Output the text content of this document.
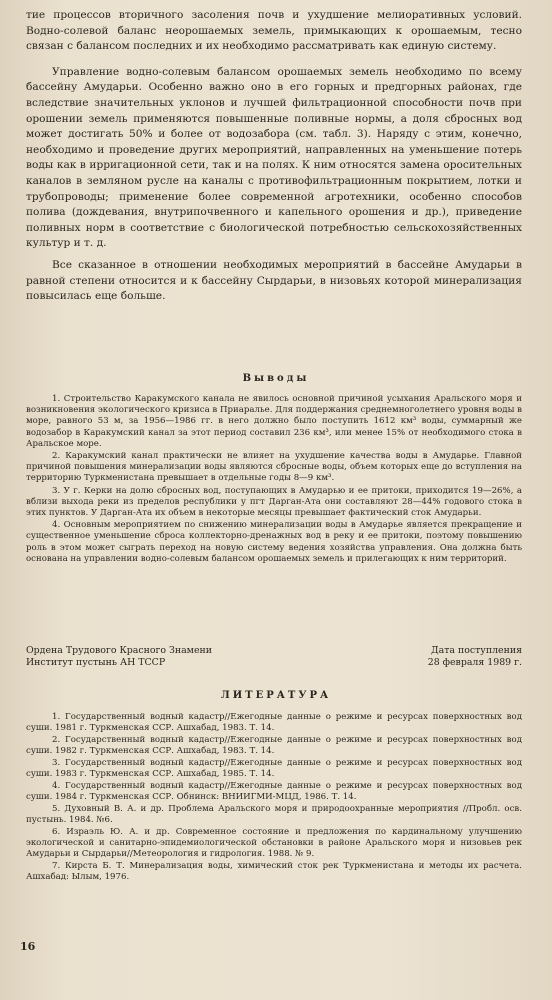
тие процессов вторичного засоления почв и ухудшение мелиоративных условий. Водно-солевой баланс неорошаемых земель, примыкающих к орошаемым, тесно связан с балансом последних и их необходимо рассматривать как единую систему.

Управление водно-солевым балансом орошаемых земель необходимо по всему бассейну Амударьи. Особенно важно оно в его горных и предгорных районах, где вследствие значительных уклонов и лучшей фильтрационной способности почв при орошении земель применяются повышенные поливные нормы, а доля сбросных вод может достигать 50% и более от водозабора (см. табл. 3). Наряду с этим, конечно, необходимо и проведение других мероприятий, направленных на уменьшение потерь воды как в ирригационной сети, так и на полях. К ним относятся замена оросительных каналов в земляном русле на каналы с противофильтрационным покрытием, лотки и трубопроводы; применение более современной агротехники, особенно способов полива (дождевания, внутрипочвенного и капельного орошения и др.), приведение поливных норм в соответствие с биологической потребностью сельскохозяйственных культур и т. д.

Все сказанное в отношении необходимых мероприятий в бассейне Амударьи в равной степени относится и к бассейну Сырдарьи, в низовьях которой минерализация повысилась еще больше.

Выводы

1. Строительство Каракумского канала не явилось основной причиной усыхания Аральского моря и возникновения экологического кризиса в Приаралье. Для поддержания среднемноголетнего уровня воды в море, равного 53 м, за 1956—1986 гг. в него должно было поступить 1612 км³ воды, суммарный же водозабор в Каракумский канал за этот период составил 236 км³, или менее 15% от необходимого стока в Аральское море.

2. Каракумский канал практически не влияет на ухудшение качества воды в Амударье. Главной причиной повышения минерализации воды являются сбросные воды, объем которых еще до вступления на территорию Туркменистана превышает в отдельные годы 8—9 км³.

3. У г. Керки на долю сбросных вод, поступающих в Амударью и ее притоки, приходится 19—26%, а вблизи выхода реки из пределов республики у пгт Дарган-Ата они составляют 28—44% годового стока в этих пунктов. У Дарган-Ата их объем в некоторые месяцы превышает фактический сток Амударьи.

4. Основным мероприятием по снижению минерализации воды в Амударье является прекращение и существенное уменьшение сброса коллекторно-дренажных вод в реку и ее притоки, поэтому повышению роль в этом может сыграть переход на новую систему ведения хозяйства управления. Она должна быть основана на управлении водно-солевым балансом орошаемых земель и прилегающих к ним территорий.

Ордена Трудового Красного Знамени
Институт пустынь АН ТССР
Дата поступления
28 февраля 1989 г.
ЛИТЕРАТУРА

1. Государственный водный кадастр//Ежегодные данные о режиме и ресурсах поверхностных вод суши. 1981 г. Туркменская ССР. Ашхабад, 1983. Т. 14.

2. Государственный водный кадастр//Ежегодные данные о режиме и ресурсах поверхностных вод суши. 1982 г. Туркменская ССР. Ашхабад, 1983. Т. 14.

3. Государственный водный кадастр//Ежегодные данные о режиме и ресурсах поверхностных вод суши. 1983 г. Туркменская ССР. Ашхабад, 1985. Т. 14.

4. Государственный водный кадастр//Ежегодные данные о режиме и ресурсах поверхностных вод суши. 1984 г. Туркменская ССР. Обнинск: ВНИИГМИ-МЦД, 1986. Т. 14.

5. Духовный В. А. и др. Проблема Аральского моря и природоохранные мероприятия //Пробл. осв. пустынь. 1984. №6.

6. Израэль Ю. А. и др. Современное состояние и предложения по кардинальному улучшению экологической и санитарно-эпидемиологической обстановки в районе Аральского моря и низовьев рек Амударьи и Сырдарьи//Метеорология и гидрология. 1988. № 9.

7. Кирста Б. Т. Минерализация воды, химический сток рек Туркменистана и методы их расчета. Ашхабад: Ылым, 1976.

16
